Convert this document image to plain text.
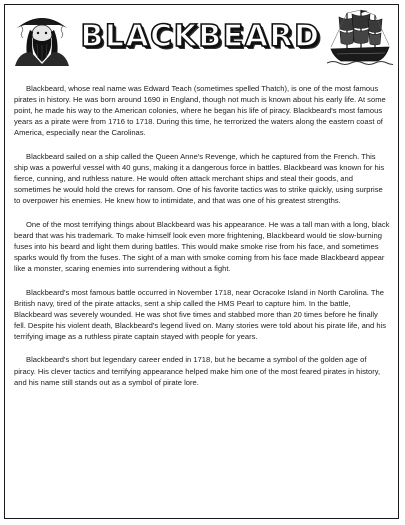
BLACKBEARD

Blackbeard, whose real name was Edward Teach (sometimes spelled Thatch), is one of the most famous pirates in history. He was born around 1690 in England, though not much is known about his early life. At some point, he made his way to the American colonies, where he began his life of piracy. Blackbeard's most famous years as a pirate were from 1716 to 1718. During this time, he terrorized the waters along the eastern coast of America, especially near the Carolinas.

Blackbeard sailed on a ship called the Queen Anne's Revenge, which he captured from the French. This ship was a powerful vessel with 40 guns, making it a dangerous force in battles. Blackbeard was known for his fierce, cunning, and ruthless nature. He would often attack merchant ships and steal their goods, and sometimes he would hold the crews for ransom. One of his favorite tactics was to strike quickly, using surprise to overpower his enemies. He knew how to intimidate, and that was one of his greatest strengths.

One of the most terrifying things about Blackbeard was his appearance. He was a tall man with a long, black beard that was his trademark. To make himself look even more frightening, Blackbeard would tie slow-burning fuses into his beard and light them during battles. This would make smoke rise from his face, and sometimes sparks would fly from the fuses. The sight of a man with smoke coming from his face made Blackbeard appear like a monster, scaring enemies into surrendering without a fight.

Blackbeard's most famous battle occurred in November 1718, near Ocracoke Island in North Carolina. The British navy, tired of the pirate attacks, sent a ship called the HMS Pearl to capture him. In the battle, Blackbeard was severely wounded. He was shot five times and stabbed more than 20 times before he finally fell. Despite his violent death, Blackbeard's legend lived on. Many stories were told about his pirate life, and his terrifying image as a ruthless pirate captain stayed with people for years.

Blackbeard's short but legendary career ended in 1718, but he became a symbol of the golden age of piracy. His clever tactics and terrifying appearance helped make him one of the most feared pirates in history, and his name still stands out as a symbol of pirate lore.
